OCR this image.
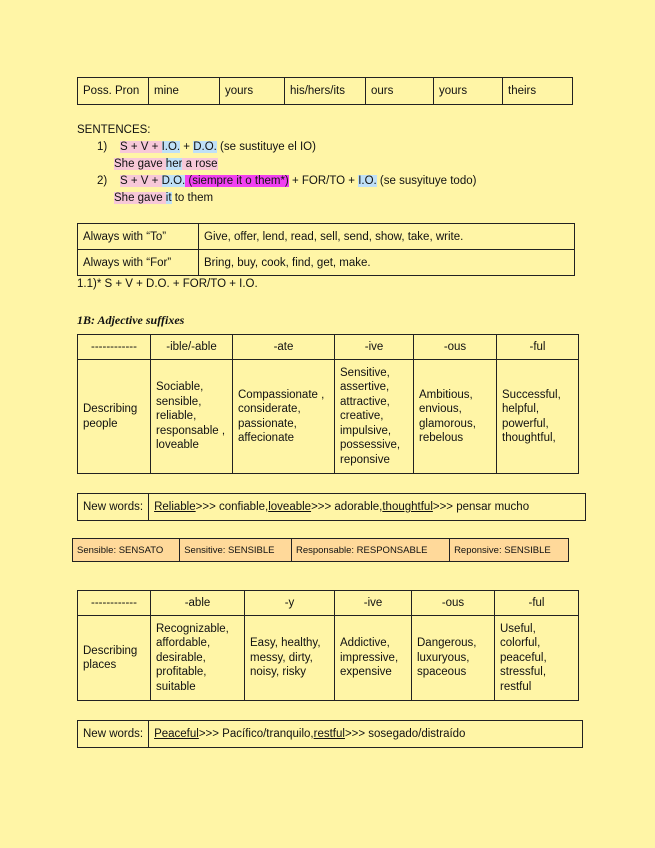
Poss. Pron	mine	yours	his/hers/its	ours	yours	theirs
SENTENCES:
1) S + V + I.O. + D.O. (se sustituye el IO)
She gave her a rose
2) S + V + D.O. (siempre it o them*) + FOR/TO + I.O. (se susyituye todo)
She gave it to them
Always with “To”	Give, offer, lend, read, sell, send, show, take, write.
Always with “For”	Bring, buy, cook, find, get, make.
1.1)* S + V + D.O. + FOR/TO + I.O.
1B: Adjective suffixes
------------	-ible/-able	-ate	-ive	-ous	-ful
Describing people	Sociable, sensible, reliable, responsable , loveable	Compassionate , considerate, passionate, affecionate	Sensitive, assertive, attractive, creative, impulsive, possessive, reponsive	Ambitious, envious, glamorous, rebelous	Successful, helpful, powerful, thoughtful,
New words: Reliable >>> confiable, loveable >>> adorable, thoughtful >>> pensar mucho
Sensible: SENSATO	Sensitive: SENSIBLE	Responsable: RESPONSABLE	Reponsive: SENSIBLE
------------	-able	-y	-ive	-ous	-ful
Describing places	Recognizable, affordable, desirable, profitable, suitable	Easy, healthy, messy, dirty, noisy, risky	Addictive, impressive, expensive	Dangerous, luxuryous, spaceous	Useful, colorful, peaceful, stressful, restful
New words: Peaceful >>> Pacífico/tranquilo, restful >>> sosegado/distraído
